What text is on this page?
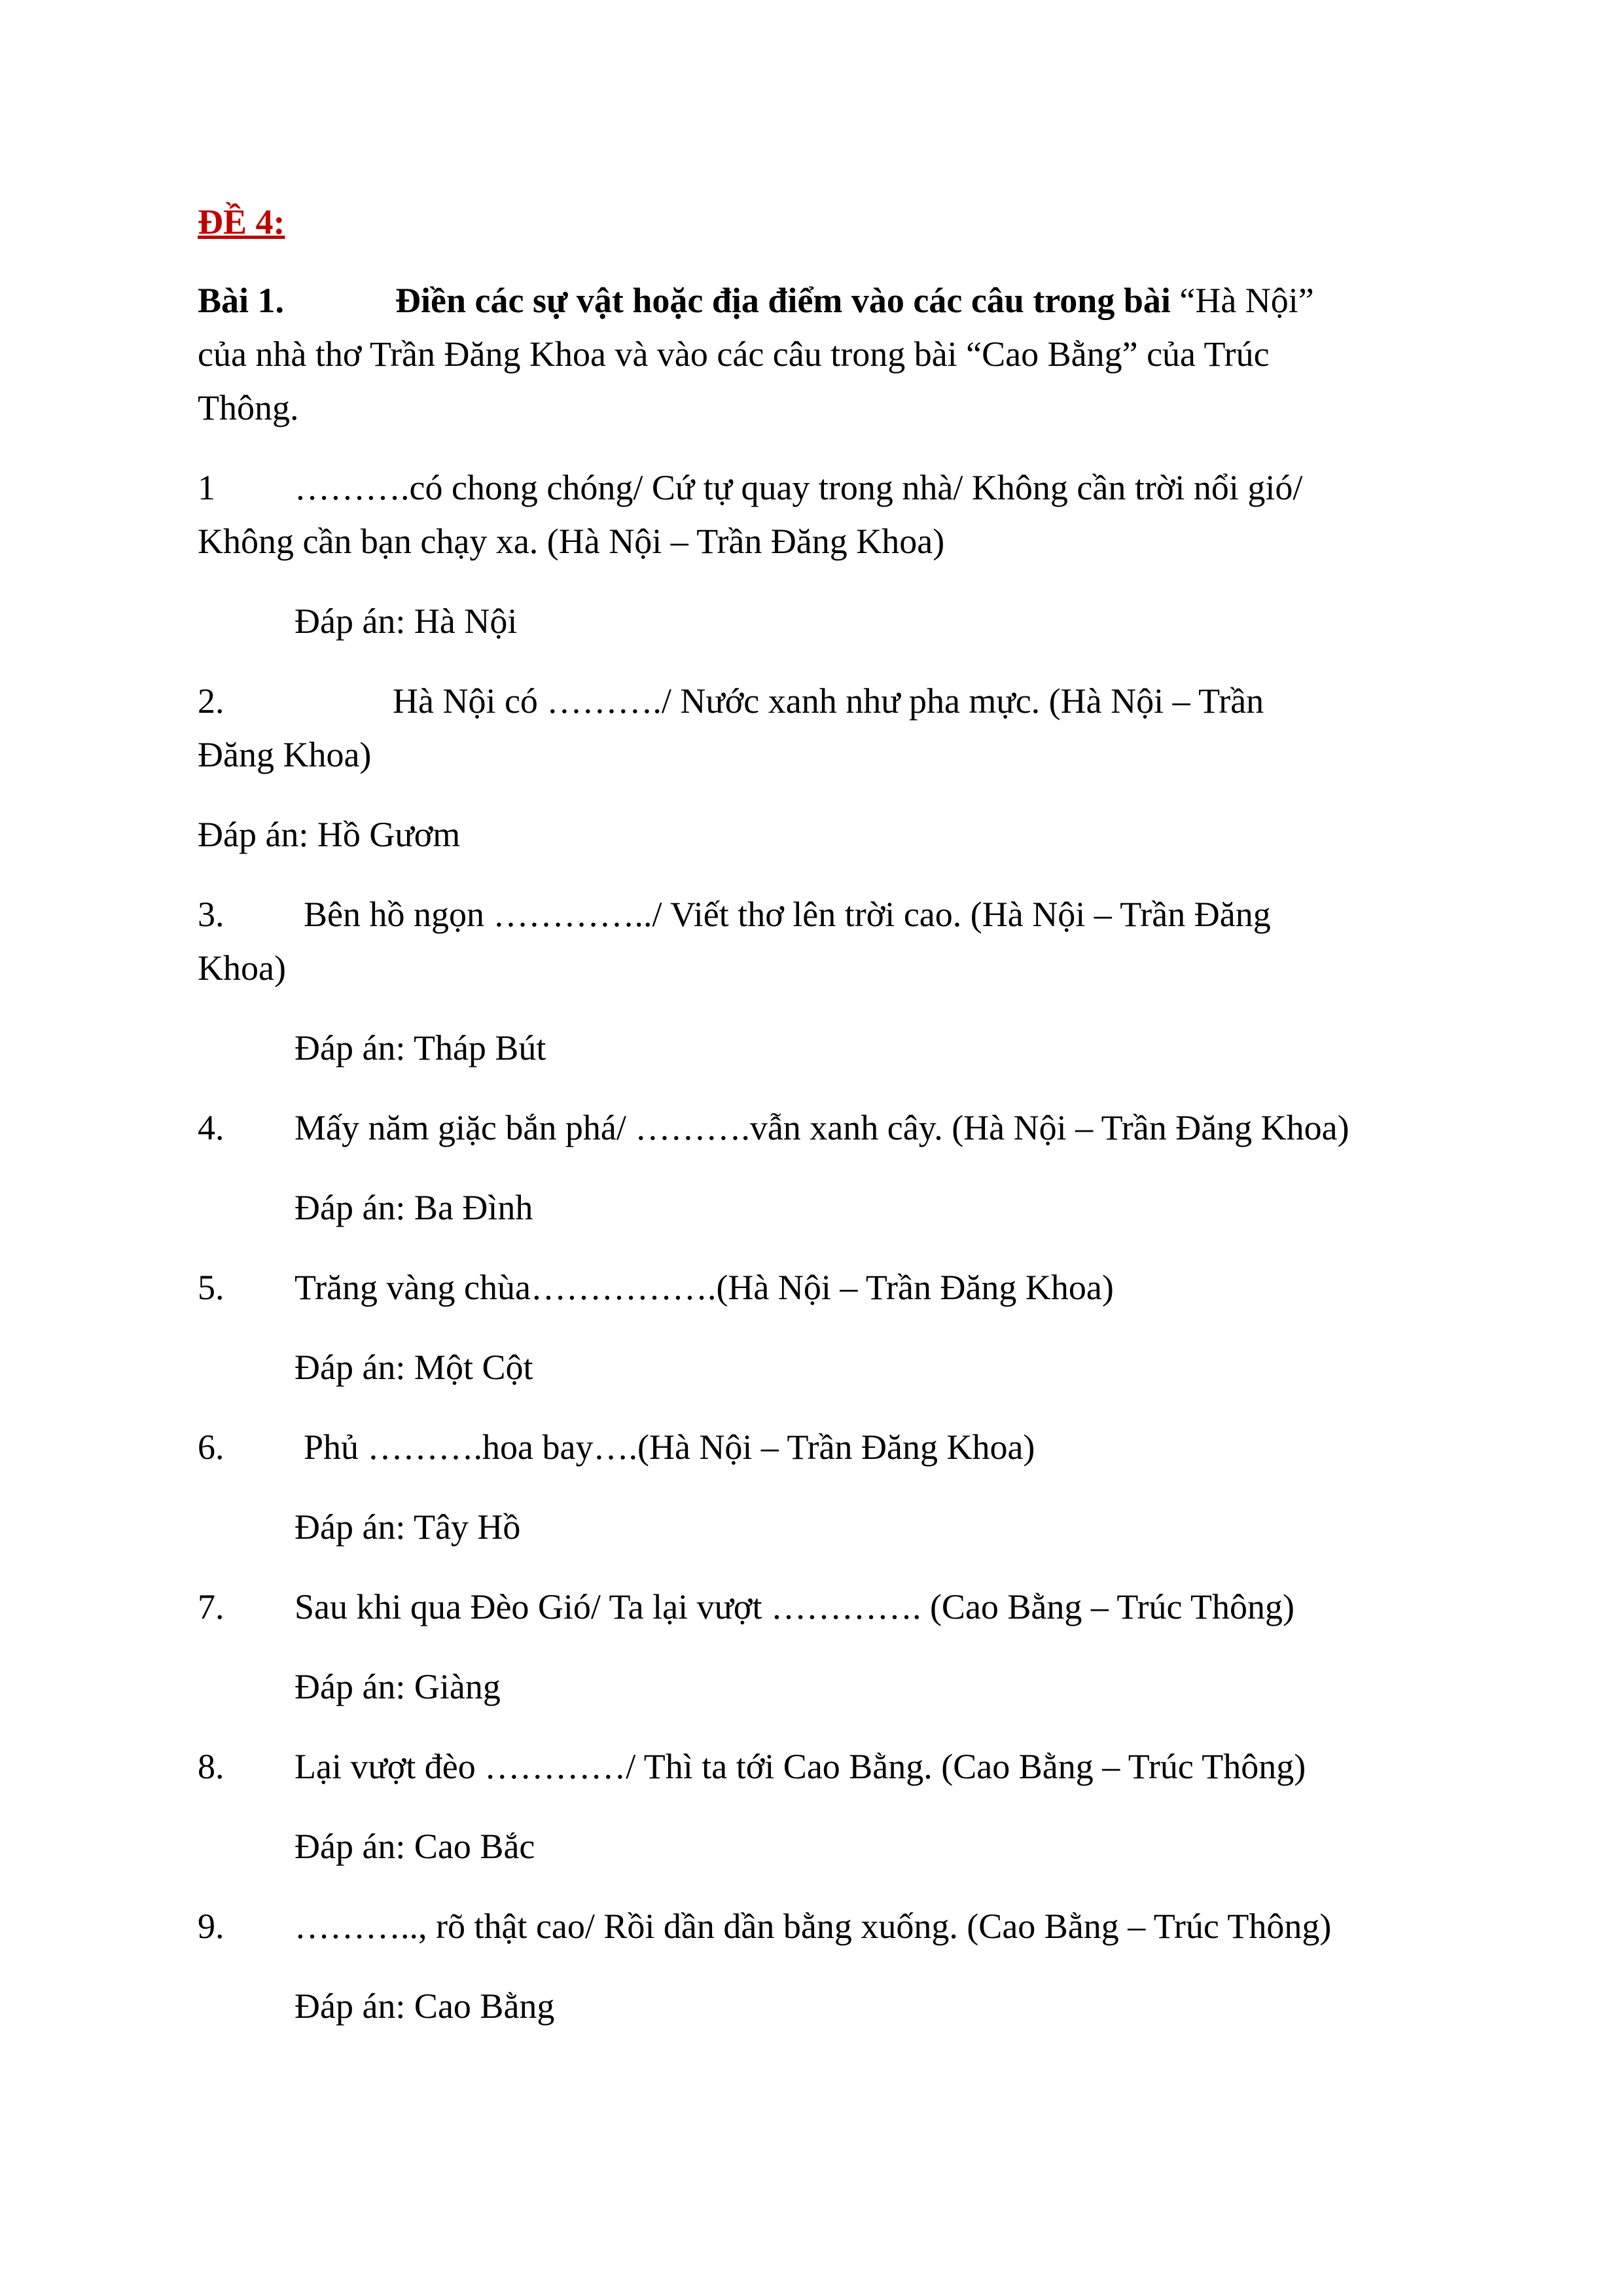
ĐỀ 4:
Bài 1.	Điền các sự vật hoặc địa điểm vào các câu trong bài “Hà Nội”
của nhà thơ Trần Đăng Khoa và vào các câu trong bài “Cao Bằng” của Trúc
Thông.
1 ……….có chong chóng/ Cứ tự quay trong nhà/ Không cần trời nổi gió/
Không cần bạn chạy xa. (Hà Nội – Trần Đăng Khoa)
Đáp án: Hà Nội
2.	Hà Nội có ………./ Nước xanh như pha mực. (Hà Nội – Trần
Đăng Khoa)
Đáp án: Hồ Gươm
3. Bên hồ ngọn …………../ Viết thơ lên trời cao. (Hà Nội – Trần Đăng
Khoa)
Đáp án: Tháp Bút
4. Mấy năm giặc bắn phá/ ……….vẫn xanh cây. (Hà Nội – Trần Đăng Khoa)
Đáp án: Ba Đình
5. Trăng vàng chùa…………….(Hà Nội – Trần Đăng Khoa)
Đáp án: Một Cột
6. Phủ ……….hoa bay….(Hà Nội – Trần Đăng Khoa)
Đáp án: Tây Hồ
7. Sau khi qua Đèo Gió/ Ta lại vượt …………. (Cao Bằng – Trúc Thông)
Đáp án: Giàng
8. Lại vượt đèo …………/ Thì ta tới Cao Bằng. (Cao Bằng – Trúc Thông)
Đáp án: Cao Bắc
9. ……….., rõ thật cao/ Rồi dần dần bằng xuống. (Cao Bằng – Trúc Thông)
Đáp án: Cao Bằng
